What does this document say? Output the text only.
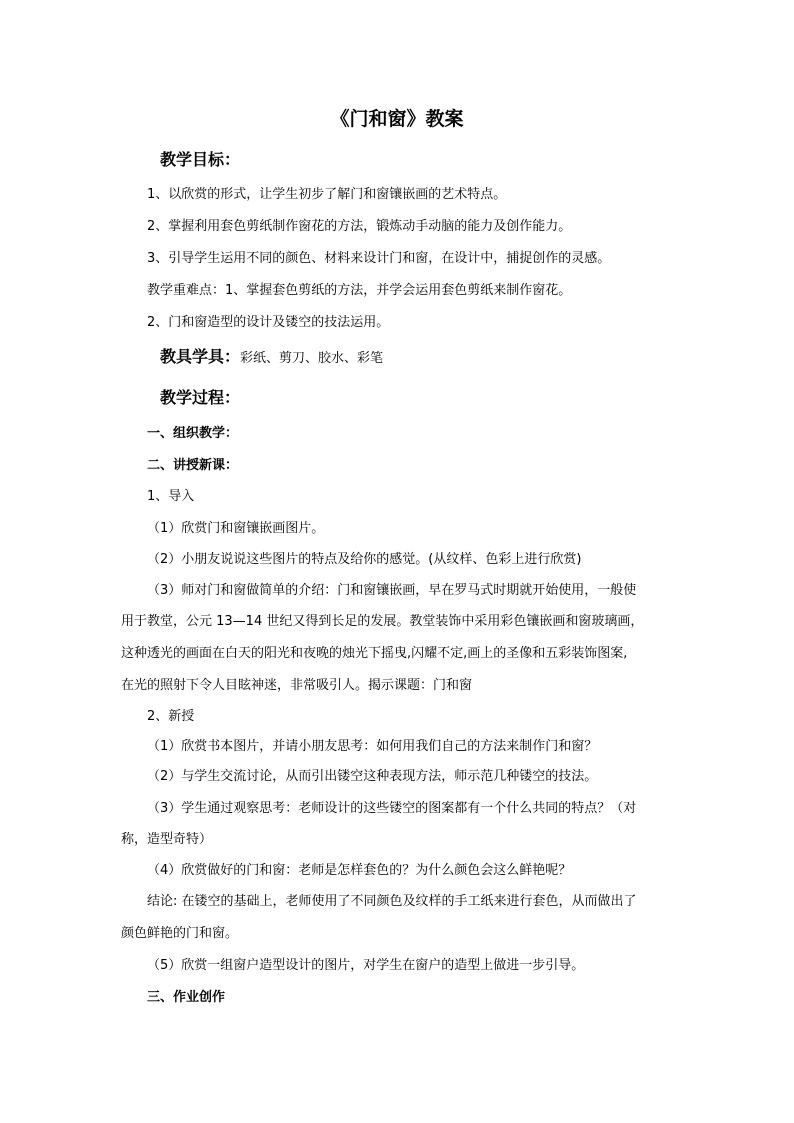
《门和窗》教案
教学目标：
1、以欣赏的形式，让学生初步了解门和窗镶嵌画的艺术特点。
2、掌握利用套色剪纸制作窗花的方法，锻炼动手动脑的能力及创作能力。
3、引导学生运用不同的颜色、材料来设计门和窗，在设计中，捕捉创作的灵感。
教学重难点：1、掌握套色剪纸的方法，并学会运用套色剪纸来制作窗花。
2、门和窗造型的设计及镂空的技法运用。
教具学具：彩纸、剪刀、胶水、彩笔
教学过程：
一、组织教学：
二、讲授新课：
1、导入
（1）欣赏门和窗镶嵌画图片。
（2）小朋友说说这些图片的特点及给你的感觉。(从纹样、色彩上进行欣赏)
（3）师对门和窗做简单的介绍：门和窗镶嵌画，早在罗马式时期就开始使用，一般使
用于教堂，公元 13—14 世纪又得到长足的发展。教堂装饰中采用彩色镶嵌画和窗玻璃画，
这种透光的画面在白天的阳光和夜晚的烛光下摇曳,闪耀不定,画上的圣像和五彩装饰图案,
在光的照射下令人目眩神迷，非常吸引人。揭示课题：门和窗
2、新授
（1）欣赏书本图片，并请小朋友思考：如何用我们自己的方法来制作门和窗？
（2）与学生交流讨论，从而引出镂空这种表现方法，师示范几种镂空的技法。
（3）学生通过观察思考：老师设计的这些镂空的图案都有一个什么共同的特点？（对
称，造型奇特）
（4）欣赏做好的门和窗：老师是怎样套色的？为什么颜色会这么鲜艳呢？
结论: 在镂空的基础上，老师使用了不同颜色及纹样的手工纸来进行套色，从而做出了
颜色鲜艳的门和窗。
（5）欣赏一组窗户造型设计的图片，对学生在窗户的造型上做进一步引导。
三、作业创作
